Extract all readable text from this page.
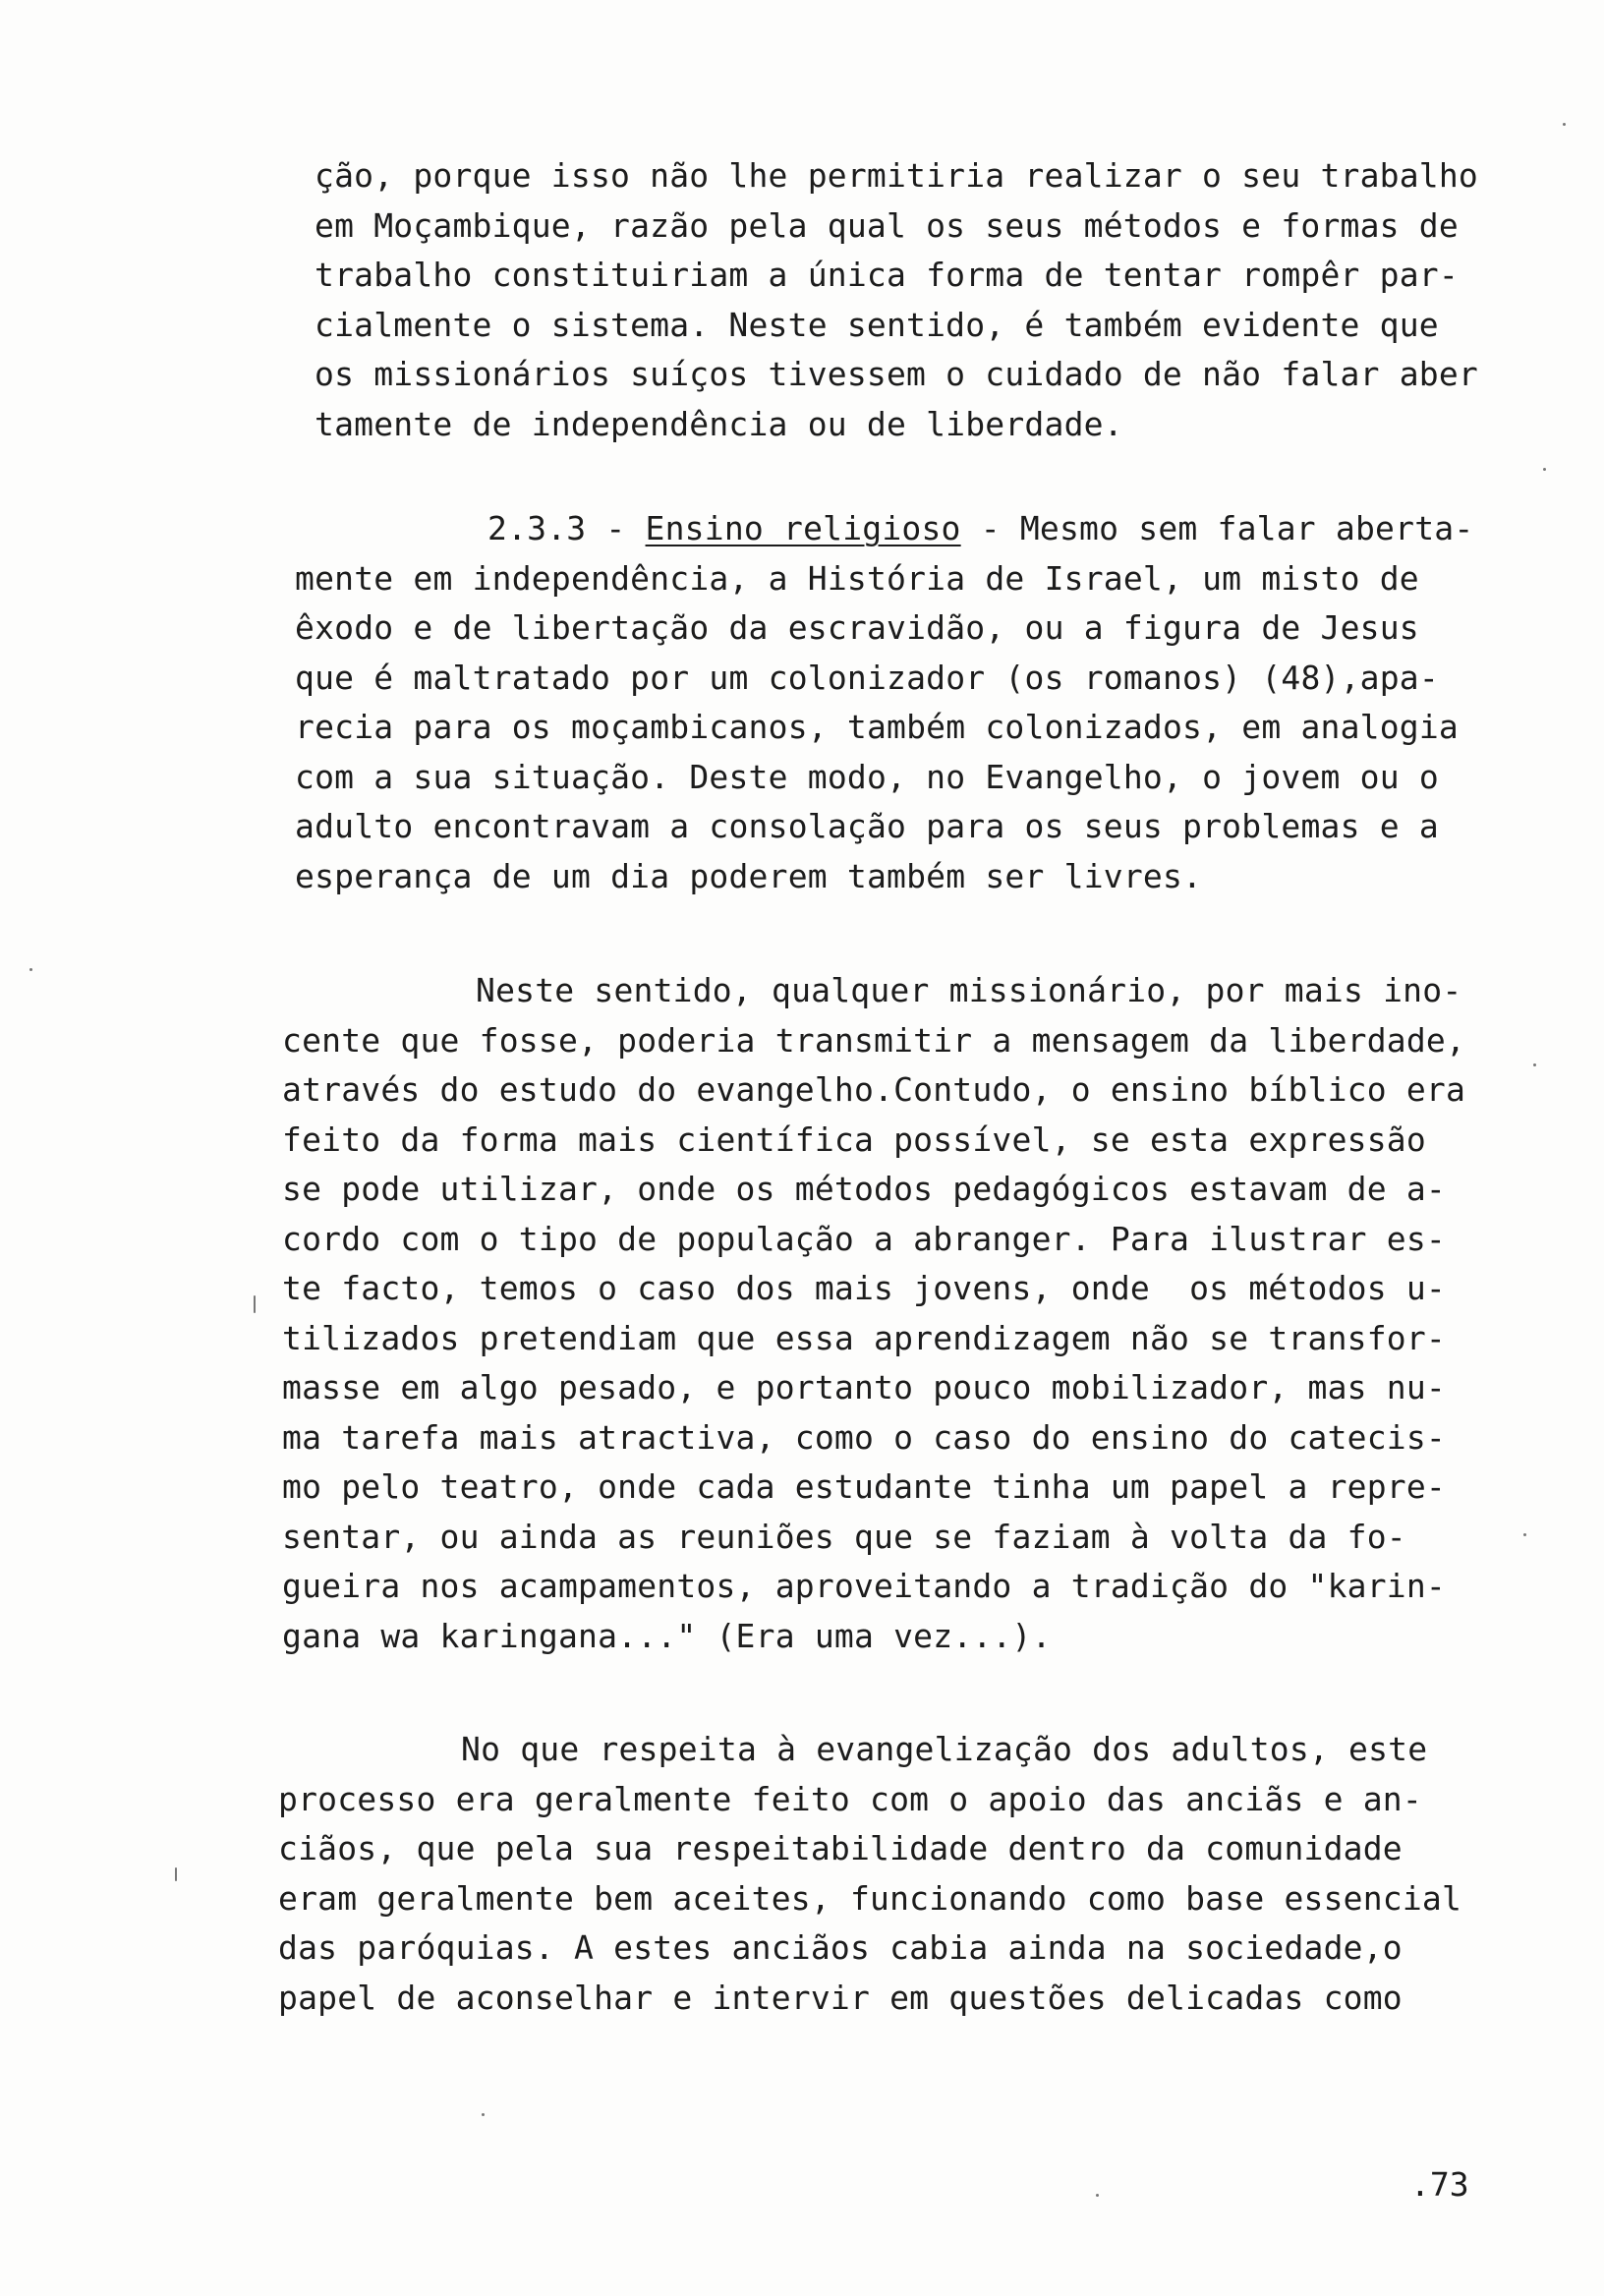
ção, porque isso não lhe permitiria realizar o seu trabalho
em Moçambique, razão pela qual os seus métodos e formas de
trabalho constituiriam a única forma de tentar rompêr par-
cialmente o sistema. Neste sentido, é também evidente que
os missionários suíços tivessem o cuidado de não falar aber
tamente de independência ou de liberdade.
2.3.3 - Ensino religioso - Mesmo sem falar aberta-
mente em independência, a História de Israel, um misto de
êxodo e de libertação da escravidão, ou a figura de Jesus
que é maltratado por um colonizador (os romanos) (48),apa-
recia para os moçambicanos, também colonizados, em analogia
com a sua situação. Deste modo, no Evangelho, o jovem ou o
adulto encontravam a consolação para os seus problemas e a
esperança de um dia poderem também ser livres.
Neste sentido, qualquer missionário, por mais ino-
cente que fosse, poderia transmitir a mensagem da liberdade,
através do estudo do evangelho.Contudo, o ensino bíblico era
feito da forma mais científica possível, se esta expressão
se pode utilizar, onde os métodos pedagógicos estavam de a-
cordo com o tipo de população a abranger. Para ilustrar es-
te facto, temos o caso dos mais jovens, onde  os métodos u-
tilizados pretendiam que essa aprendizagem não se transfor-
masse em algo pesado, e portanto pouco mobilizador, mas nu-
ma tarefa mais atractiva, como o caso do ensino do catecis-
mo pelo teatro, onde cada estudante tinha um papel a repre-
sentar, ou ainda as reuniões que se faziam à volta da fo-
gueira nos acampamentos, aproveitando a tradição do "karin-
gana wa karingana..." (Era uma vez...).
No que respeita à evangelização dos adultos, este
processo era geralmente feito com o apoio das anciãs e an-
ciãos, que pela sua respeitabilidade dentro da comunidade
eram geralmente bem aceites, funcionando como base essencial
das paróquias. A estes anciãos cabia ainda na sociedade,o
papel de aconselhar e intervir em questões delicadas como
.73
